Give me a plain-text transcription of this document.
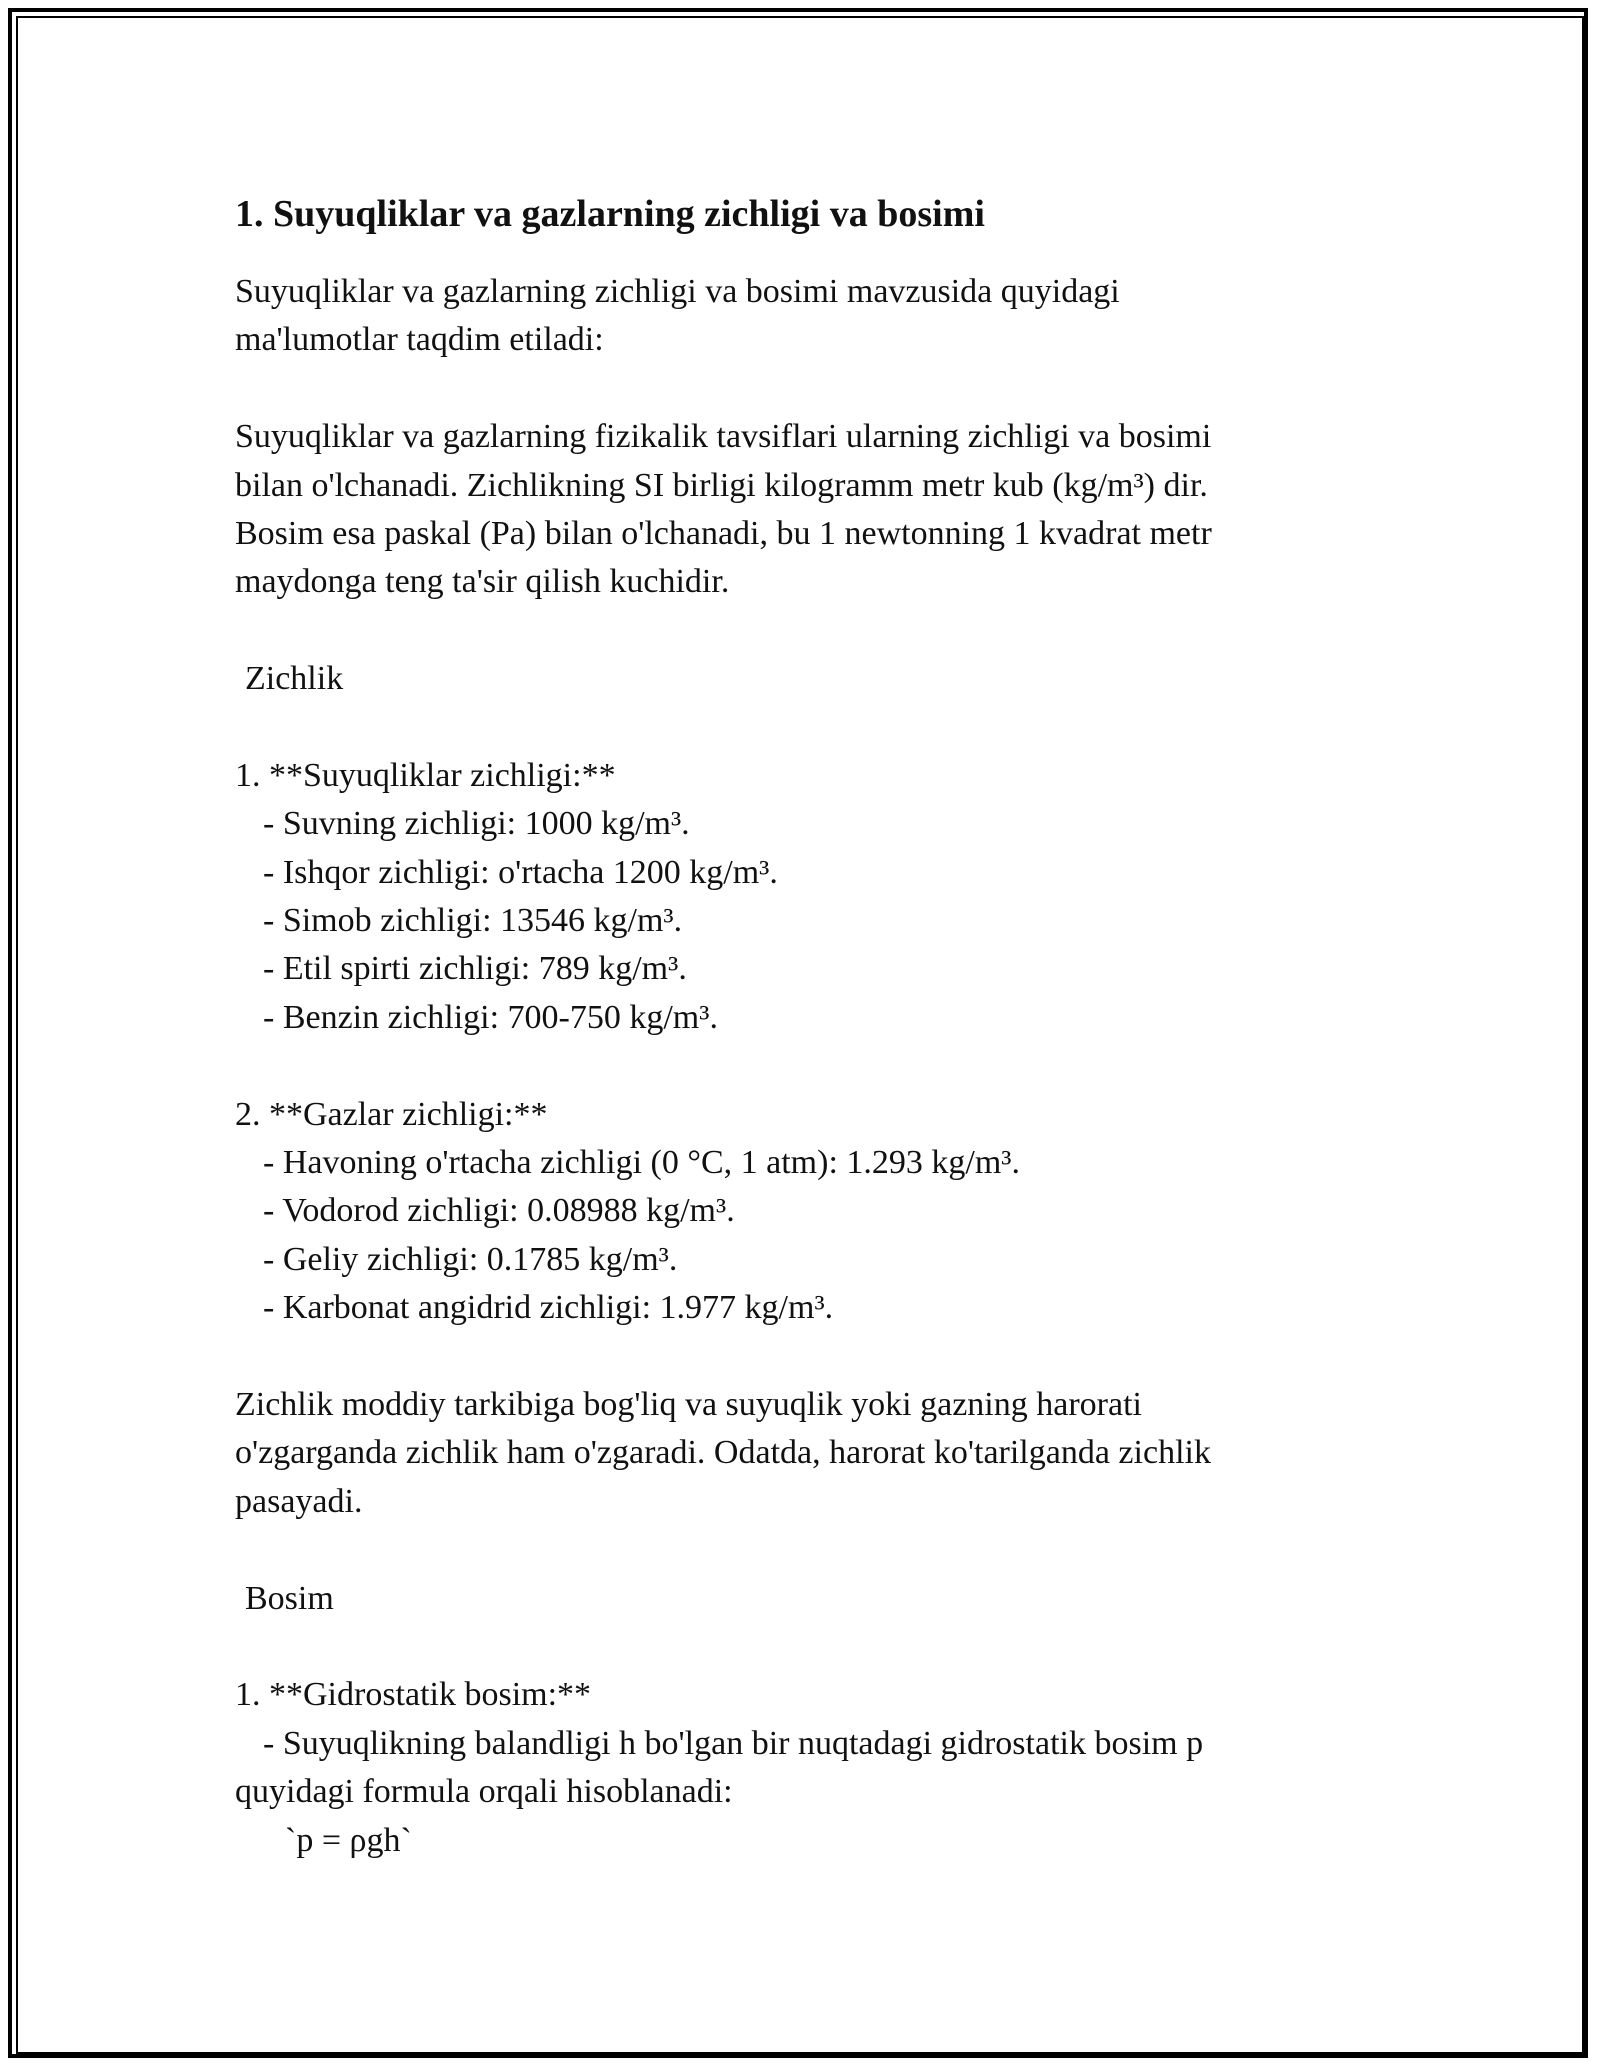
1. Suyuqliklar va gazlarning zichligi va bosimi
Suyuqliklar va gazlarning zichligi va bosimi mavzusida quyidagi
ma'lumotlar taqdim etiladi:
Suyuqliklar va gazlarning fizikalik tavsiflari ularning zichligi va bosimi
bilan o'lchanadi. Zichlikning SI birligi kilogramm metr kub (kg/m³) dir.
Bosim esa paskal (Pa) bilan o'lchanadi, bu 1 newtonning 1 kvadrat metr
maydonga teng ta'sir qilish kuchidir.
Zichlik
1. **Suyuqliklar zichligi:**
- Suvning zichligi: 1000 kg/m³.
- Ishqor zichligi: o'rtacha 1200 kg/m³.
- Simob zichligi: 13546 kg/m³.
- Etil spirti zichligi: 789 kg/m³.
- Benzin zichligi: 700-750 kg/m³.
2. **Gazlar zichligi:**
- Havoning o'rtacha zichligi (0 °C, 1 atm): 1.293 kg/m³.
- Vodorod zichligi: 0.08988 kg/m³.
- Geliy zichligi: 0.1785 kg/m³.
- Karbonat angidrid zichligi: 1.977 kg/m³.
Zichlik moddiy tarkibiga bog'liq va suyuqlik yoki gazning harorati
o'zgarganda zichlik ham o'zgaradi. Odatda, harorat ko'tarilganda zichlik
pasayadi.
Bosim
1. **Gidrostatik bosim:**
- Suyuqlikning balandligi h bo'lgan bir nuqtadagi gidrostatik bosim p
quyidagi formula orqali hisoblanadi:
`p = ρgh`
